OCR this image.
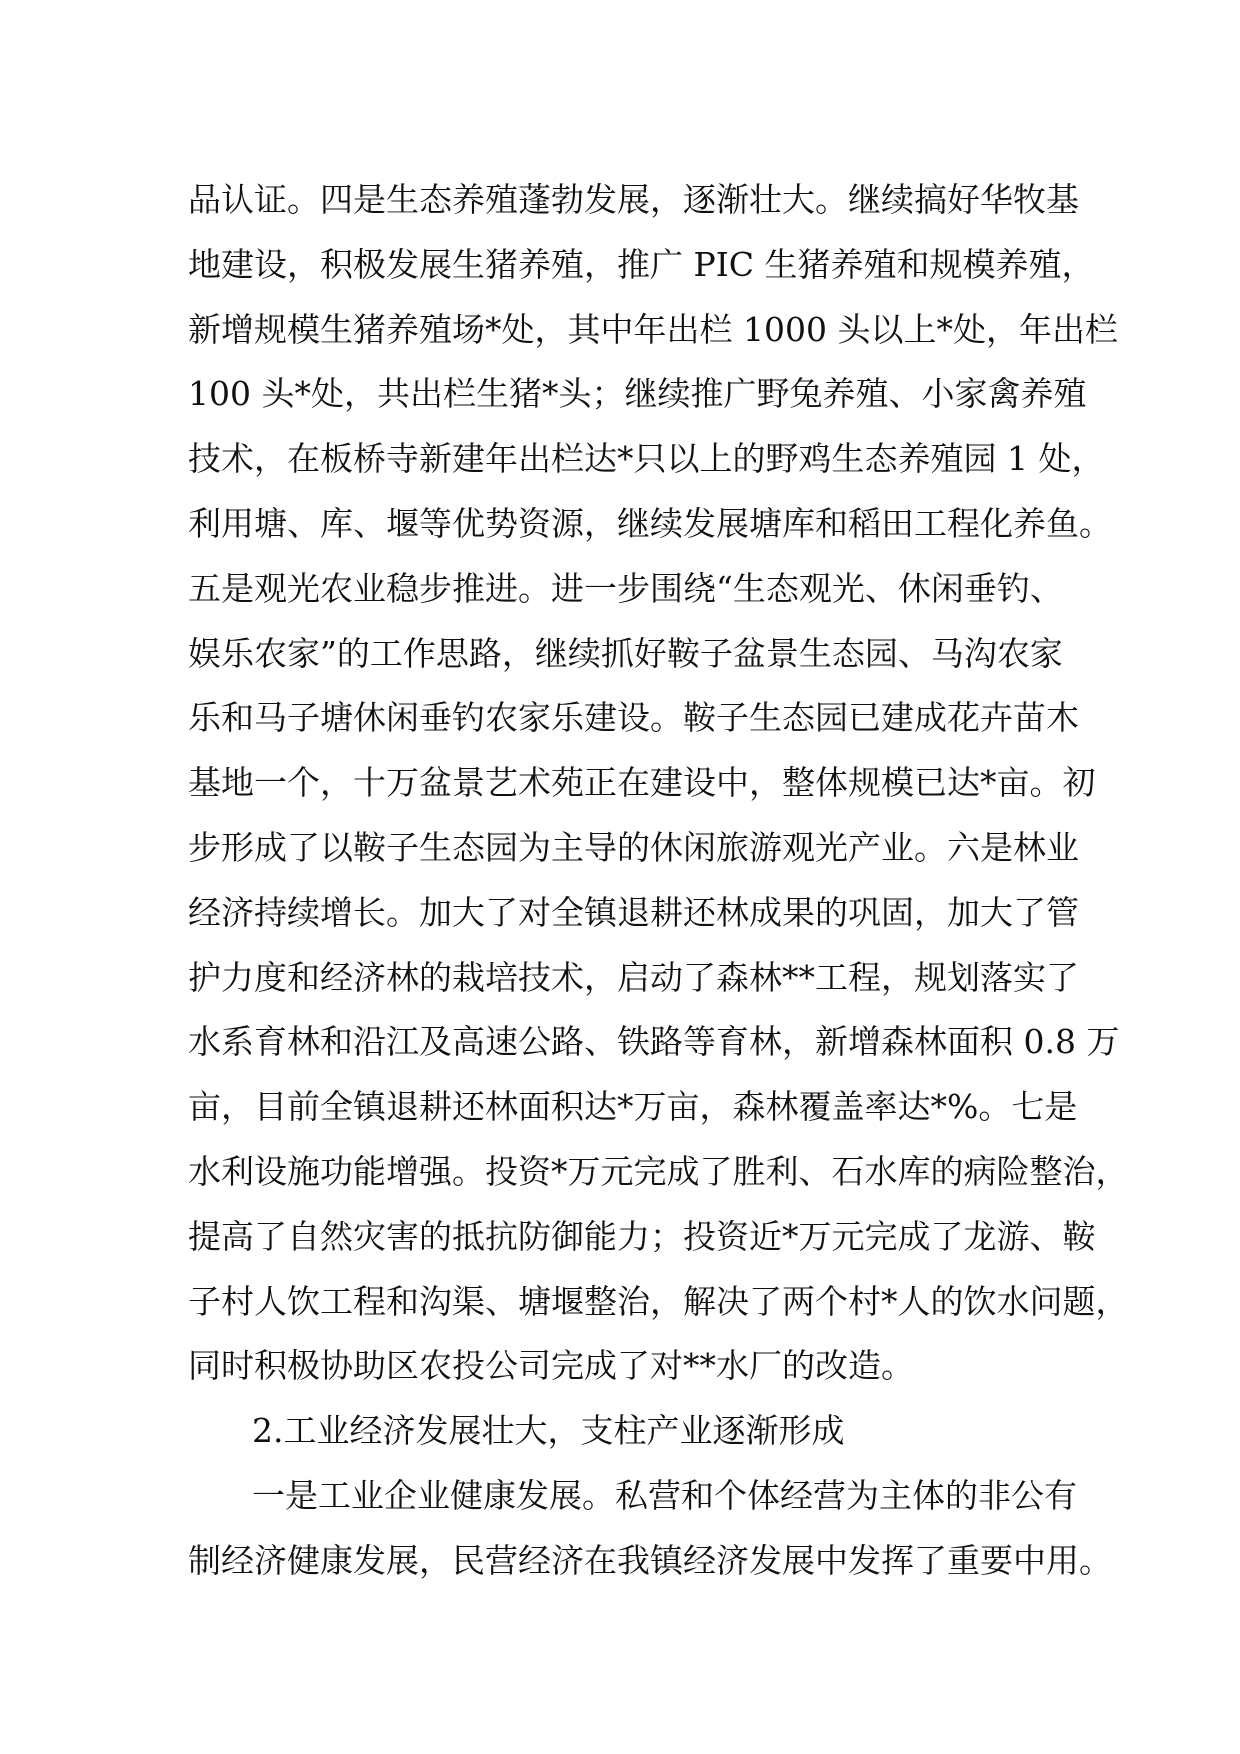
品认证。四是生态养殖蓬勃发展，逐渐壮大。继续搞好华牧基
地建设，积极发展生猪养殖，推广 PIC 生猪养殖和规模养殖，
新增规模生猪养殖场*处，其中年出栏 1000 头以上*处，年出栏
100 头*处，共出栏生猪*头；继续推广野兔养殖、小家禽养殖
技术，在板桥寺新建年出栏达*只以上的野鸡生态养殖园 1 处，
利用塘、库、堰等优势资源，继续发展塘库和稻田工程化养鱼。
五是观光农业稳步推进。进一步围绕“生态观光、休闲垂钓、
娱乐农家”的工作思路，继续抓好鞍子盆景生态园、马沟农家
乐和马子塘休闲垂钓农家乐建设。鞍子生态园已建成花卉苗木
基地一个，十万盆景艺术苑正在建设中，整体规模已达*亩。初
步形成了以鞍子生态园为主导的休闲旅游观光产业。六是林业
经济持续增长。加大了对全镇退耕还林成果的巩固，加大了管
护力度和经济林的栽培技术，启动了森林**工程，规划落实了
水系育林和沿江及高速公路、铁路等育林，新增森林面积 0.8 万
亩，目前全镇退耕还林面积达*万亩，森林覆盖率达*%。七是
水利设施功能增强。投资*万元完成了胜利、石水库的病险整治，
提高了自然灾害的抵抗防御能力；投资近*万元完成了龙游、鞍
子村人饮工程和沟渠、塘堰整治，解决了两个村*人的饮水问题，
同时积极协助区农投公司完成了对**水厂的改造。
2.工业经济发展壮大，支柱产业逐渐形成
一是工业企业健康发展。私营和个体经营为主体的非公有
制经济健康发展，民营经济在我镇经济发展中发挥了重要中用。
